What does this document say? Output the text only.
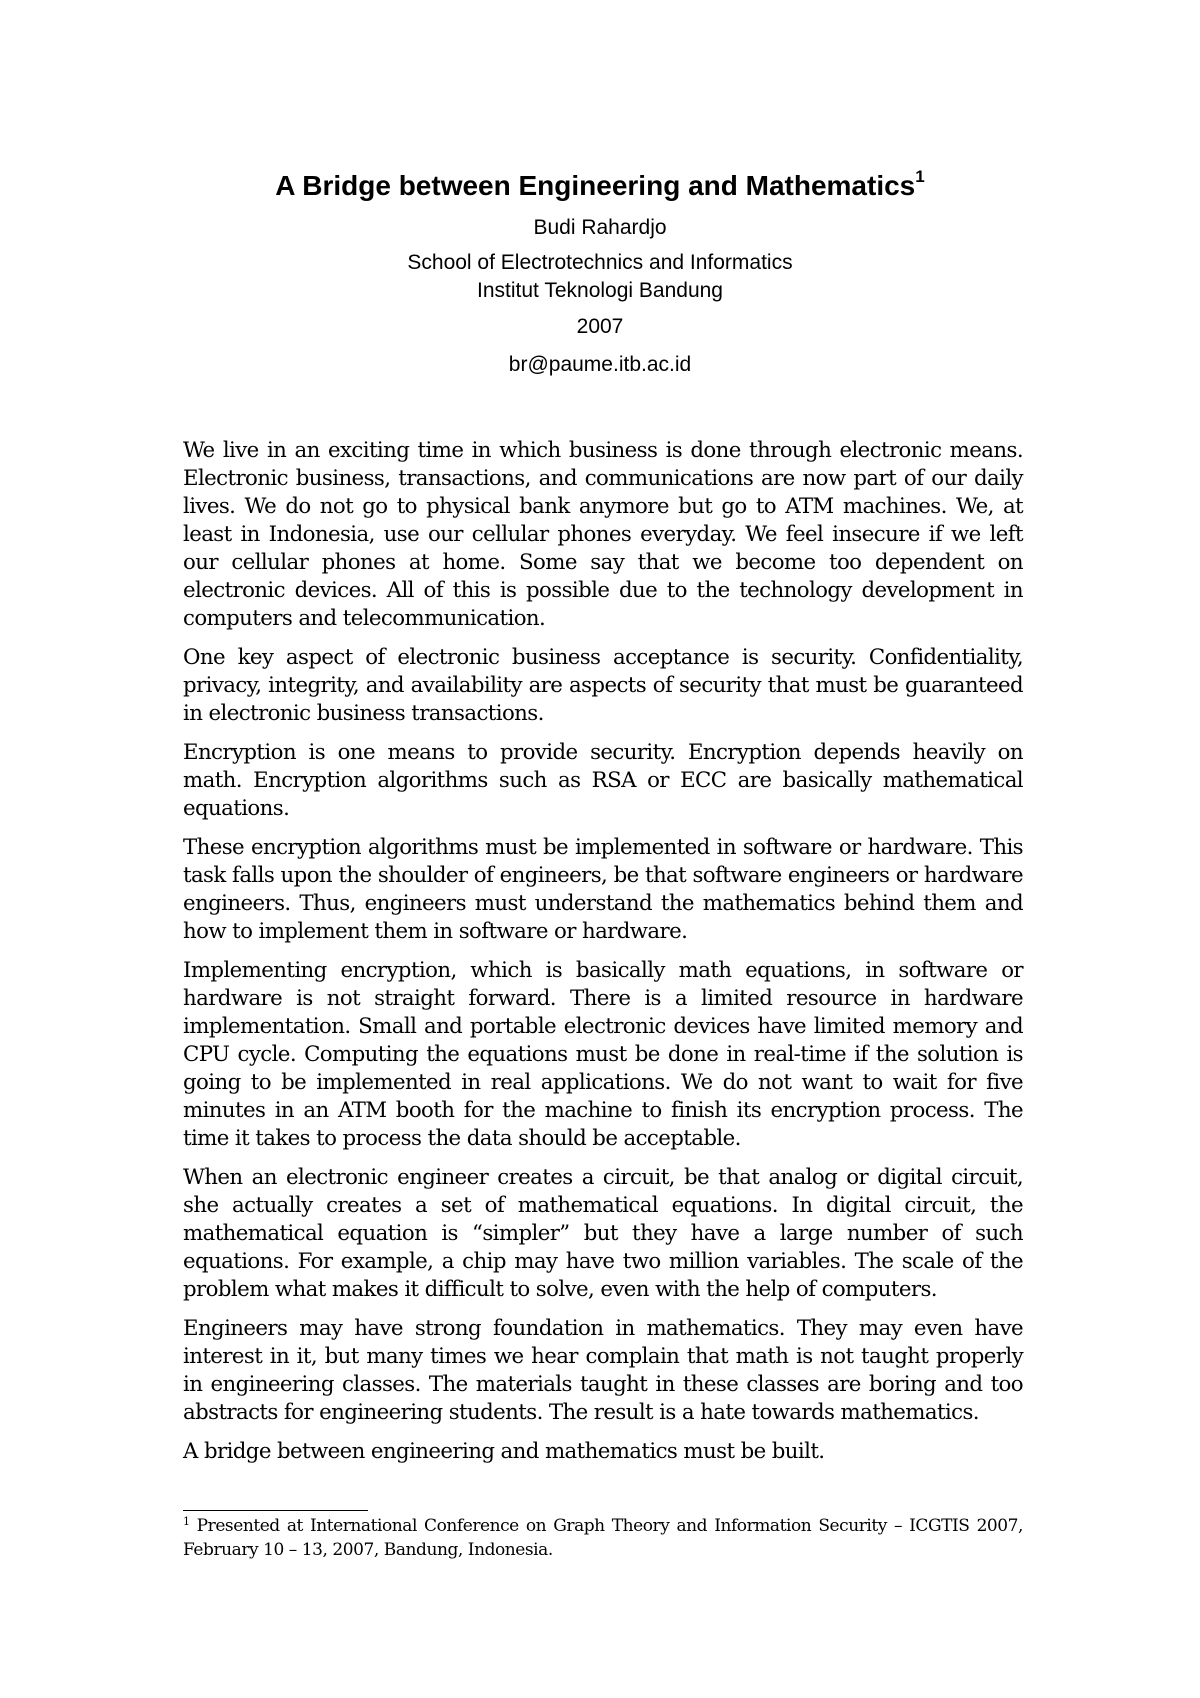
A Bridge between Engineering and Mathematics$^1$
Budi Rahardjo
School of Electrotechnics and Informatics
Institut Teknologi Bandung
2007
br@paume.itb.ac.id

We live in an exciting time in which business is done through electronic means. Electronic business, transactions, and communications are now part of our daily lives. We do not go to physical bank anymore but go to ATM machines. We, at least in Indonesia, use our cellular phones everyday. We feel insecure if we left our cellular phones at home. Some say that we become too dependent on electronic devices. All of this is possible due to the technology development in computers and telecommunication.

One key aspect of electronic business acceptance is security. Confidentiality, privacy, integrity, and availability are aspects of security that must be guaranteed in electronic business transactions.

Encryption is one means to provide security. Encryption depends heavily on math. Encryption algorithms such as RSA or ECC are basically mathematical equations.

These encryption algorithms must be implemented in software or hardware. This task falls upon the shoulder of engineers, be that software engineers or hardware engineers. Thus, engineers must understand the mathematics behind them and how to implement them in software or hardware.

Implementing encryption, which is basically math equations, in software or hardware is not straight forward. There is a limited resource in hardware implementation. Small and portable electronic devices have limited memory and CPU cycle. Computing the equations must be done in real-time if the solution is going to be implemented in real applications. We do not want to wait for five minutes in an ATM booth for the machine to finish its encryption process. The time it takes to process the data should be acceptable.

When an electronic engineer creates a circuit, be that analog or digital circuit, she actually creates a set of mathematical equations. In digital circuit, the mathematical equation is “simpler” but they have a large number of such equations. For example, a chip may have two million variables. The scale of the problem what makes it difficult to solve, even with the help of computers.

Engineers may have strong foundation in mathematics. They may even have interest in it, but many times we hear complain that math is not taught properly in engineering classes. The materials taught in these classes are boring and too abstracts for engineering students. The result is a hate towards mathematics.

A bridge between engineering and mathematics must be built.

$^1$ Presented at International Conference on Graph Theory and Information Security – ICGTIS 2007, February 10 – 13, 2007, Bandung, Indonesia.
